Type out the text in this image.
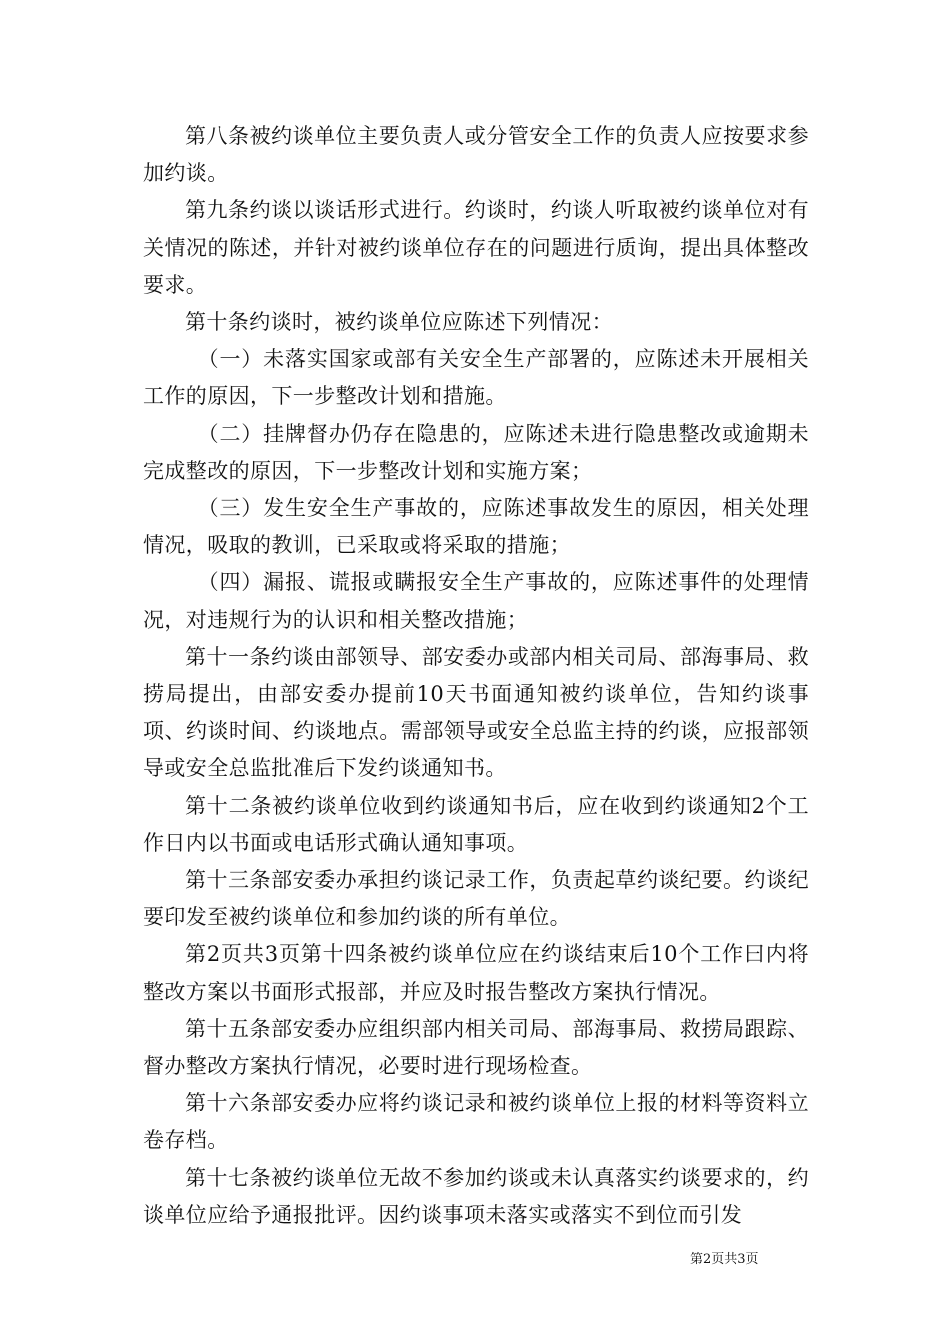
第八条被约谈单位主要负责人或分管安全工作的负责人应按要求参加约谈。

第九条约谈以谈话形式进行。约谈时，约谈人听取被约谈单位对有关情况的陈述，并针对被约谈单位存在的问题进行质询，提出具体整改要求。

第十条约谈时，被约谈单位应陈述下列情况：

（一）未落实国家或部有关安全生产部署的，应陈述未开展相关工作的原因，下一步整改计划和措施。

（二）挂牌督办仍存在隐患的，应陈述未进行隐患整改或逾期未完成整改的原因，下一步整改计划和实施方案；

（三）发生安全生产事故的，应陈述事故发生的原因，相关处理情况，吸取的教训，已采取或将采取的措施；

（四）漏报、谎报或瞒报安全生产事故的，应陈述事件的处理情况，对违规行为的认识和相关整改措施；

第十一条约谈由部领导、部安委办或部内相关司局、部海事局、救捞局提出，由部安委办提前10天书面通知被约谈单位，告知约谈事项、约谈时间、约谈地点。需部领导或安全总监主持的约谈，应报部领导或安全总监批准后下发约谈通知书。

第十二条被约谈单位收到约谈通知书后，应在收到约谈通知2个工作日内以书面或电话形式确认通知事项。

第十三条部安委办承担约谈记录工作，负责起草约谈纪要。约谈纪要印发至被约谈单位和参加约谈的所有单位。

第2页共3页第十四条被约谈单位应在约谈结束后10个工作曰内将整改方案以书面形式报部，并应及时报告整改方案执行情况。

第十五条部安委办应组织部内相关司局、部海事局、救捞局跟踪、督办整改方案执行情况，必要时进行现场检查。

第十六条部安委办应将约谈记录和被约谈单位上报的材料等资料立卷存档。

第十七条被约谈单位无故不参加约谈或未认真落实约谈要求的，约谈单位应给予通报批评。因约谈事项未落实或落实不到位而引发

第2页共3页
